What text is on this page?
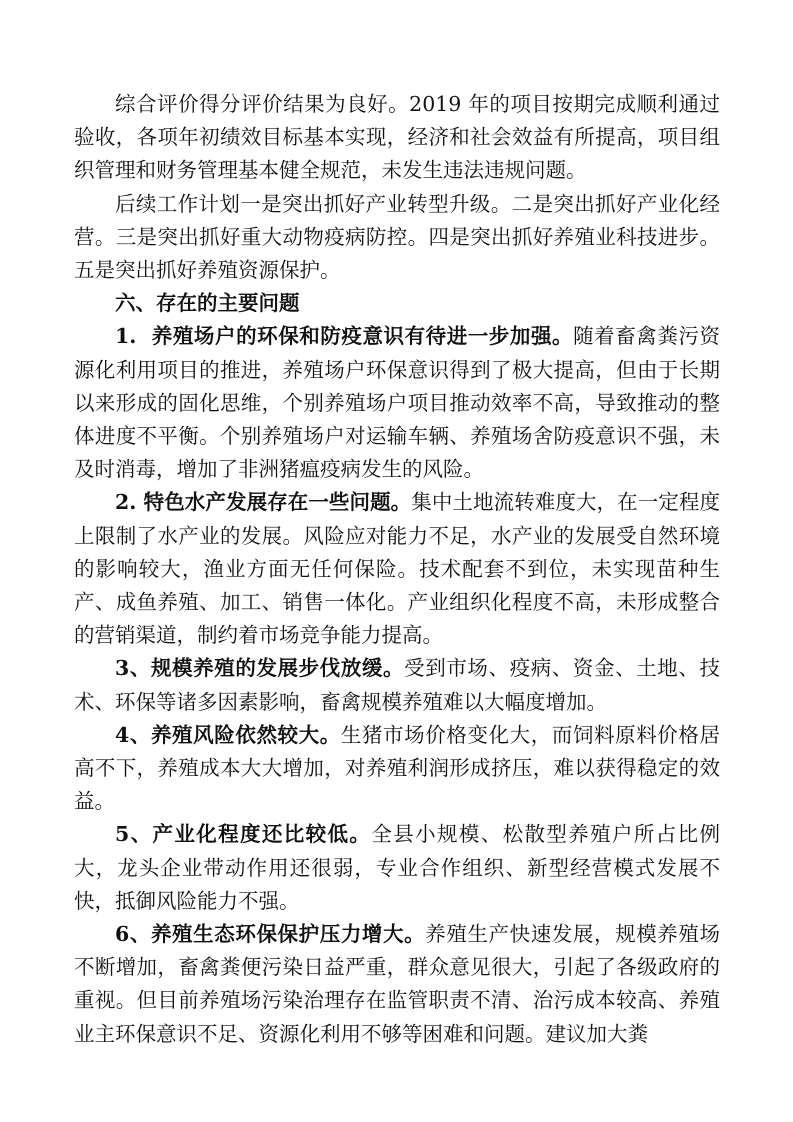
综合评价得分评价结果为良好。2019 年的项目按期完成顺利通过验收，各项年初绩效目标基本实现，经济和社会效益有所提高，项目组织管理和财务管理基本健全规范，未发生违法违规问题。

后续工作计划一是突出抓好产业转型升级。二是突出抓好产业化经营。三是突出抓好重大动物疫病防控。四是突出抓好养殖业科技进步。五是突出抓好养殖资源保护。

六、存在的主要问题

1.  养殖场户的环保和防疫意识有待进一步加强。随着畜禽粪污资源化利用项目的推进，养殖场户环保意识得到了极大提高，但由于长期以来形成的固化思维，个别养殖场户项目推动效率不高，导致推动的整体进度不平衡。个别养殖场户对运输车辆、养殖场舍防疫意识不强，未及时消毒，增加了非洲猪瘟疫病发生的风险。

2. 特色水产发展存在一些问题。集中土地流转难度大，在一定程度上限制了水产业的发展。风险应对能力不足，水产业的发展受自然环境的影响较大，渔业方面无任何保险。技术配套不到位，未实现苗种生产、成鱼养殖、加工、销售一体化。产业组织化程度不高，未形成整合的营销渠道，制约着市场竞争能力提高。

3、规模养殖的发展步伐放缓。受到市场、疫病、资金、土地、技术、环保等诸多因素影响，畜禽规模养殖难以大幅度增加。

4、养殖风险依然较大。生猪市场价格变化大，而饲料原料价格居高不下，养殖成本大大增加，对养殖利润形成挤压，难以获得稳定的效益。

5、产业化程度还比较低。全县小规模、松散型养殖户所占比例大，龙头企业带动作用还很弱，专业合作组织、新型经营模式发展不快，抵御风险能力不强。

6、养殖生态环保保护压力增大。养殖生产快速发展，规模养殖场不断增加，畜禽粪便污染日益严重，群众意见很大，引起了各级政府的重视。但目前养殖场污染治理存在监管职责不清、治污成本较高、养殖业主环保意识不足、资源化利用不够等困难和问题。建议加大粪
